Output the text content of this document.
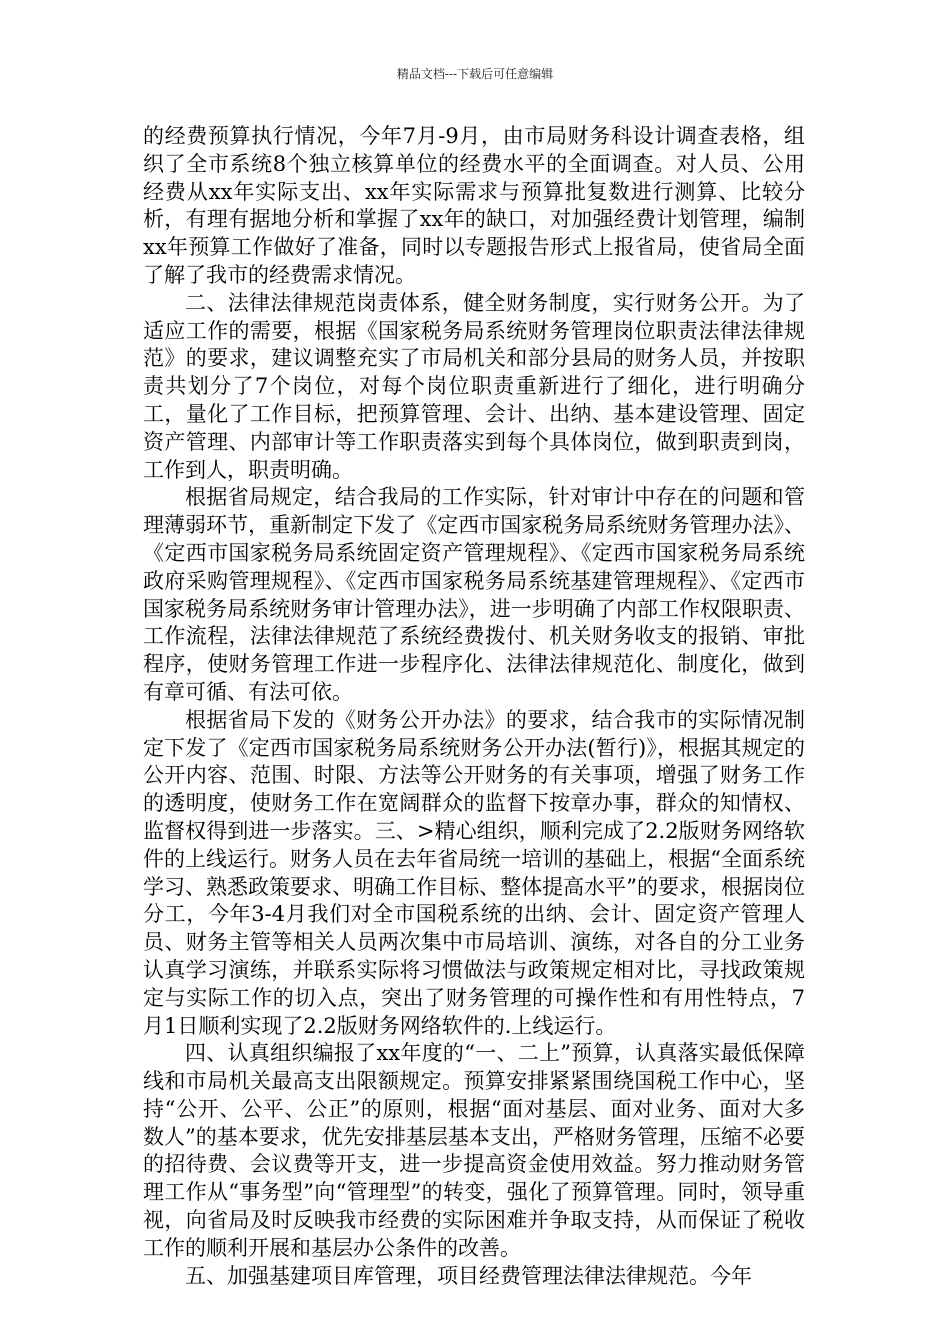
精品文档---下载后可任意编辑

的经费预算执行情况，今年7月-9月，由市局财务科设计调查表格，组织了全市系统8个独立核算单位的经费水平的全面调查。对人员、公用经费从xx年实际支出、xx年实际需求与预算批复数进行测算、比较分析，有理有据地分析和掌握了xx年的缺口，对加强经费计划管理，编制xx年预算工作做好了准备，同时以专题报告形式上报省局，使省局全面了解了我市的经费需求情况。

二、法律法律规范岗责体系，健全财务制度，实行财务公开。为了适应工作的需要，根据《国家税务局系统财务管理岗位职责法律法律规范》的要求，建议调整充实了市局机关和部分县局的财务人员，并按职责共划分了7个岗位，对每个岗位职责重新进行了细化，进行明确分工，量化了工作目标，把预算管理、会计、出纳、基本建设管理、固定资产管理、内部审计等工作职责落实到每个具体岗位，做到职责到岗，工作到人，职责明确。

根据省局规定，结合我局的工作实际，针对审计中存在的问题和管理薄弱环节，重新制定下发了《定西市国家税务局系统财务管理办法》、《定西市国家税务局系统固定资产管理规程》、《定西市国家税务局系统政府采购管理规程》、《定西市国家税务局系统基建管理规程》、《定西市国家税务局系统财务审计管理办法》，进一步明确了内部工作权限职责、工作流程，法律法律规范了系统经费拨付、机关财务收支的报销、审批程序，使财务管理工作进一步程序化、法律法律规范化、制度化，做到有章可循、有法可依。

根据省局下发的《财务公开办法》的要求，结合我市的实际情况制定下发了《定西市国家税务局系统财务公开办法(暂行)》，根据其规定的公开内容、范围、时限、方法等公开财务的有关事项，增强了财务工作的透明度，使财务工作在宽阔群众的监督下按章办事，群众的知情权、监督权得到进一步落实。三、>精心组织，顺利完成了2.2版财务网络软件的上线运行。财务人员在去年省局统一培训的基础上，根据“全面系统学习、熟悉政策要求、明确工作目标、整体提高水平”的要求，根据岗位分工，今年3-4月我们对全市国税系统的出纳、会计、固定资产管理人员、财务主管等相关人员两次集中市局培训、演练，对各自的分工业务认真学习演练，并联系实际将习惯做法与政策规定相对比，寻找政策规定与实际工作的切入点，突出了财务管理的可操作性和有用性特点，7月1日顺利实现了2.2版财务网络软件的.上线运行。

四、认真组织编报了xx年度的“一、二上”预算，认真落实最低保障线和市局机关最高支出限额规定。预算安排紧紧围绕国税工作中心，坚持“公开、公平、公正”的原则，根据“面对基层、面对业务、面对大多数人”的基本要求，优先安排基层基本支出，严格财务管理，压缩不必要的招待费、会议费等开支，进一步提高资金使用效益。努力推动财务管理工作从“事务型”向“管理型”的转变，强化了预算管理。同时，领导重视，向省局及时反映我市经费的实际困难并争取支持，从而保证了税收工作的顺利开展和基层办公条件的改善。

五、加强基建项目库管理，项目经费管理法律法律规范。今年
